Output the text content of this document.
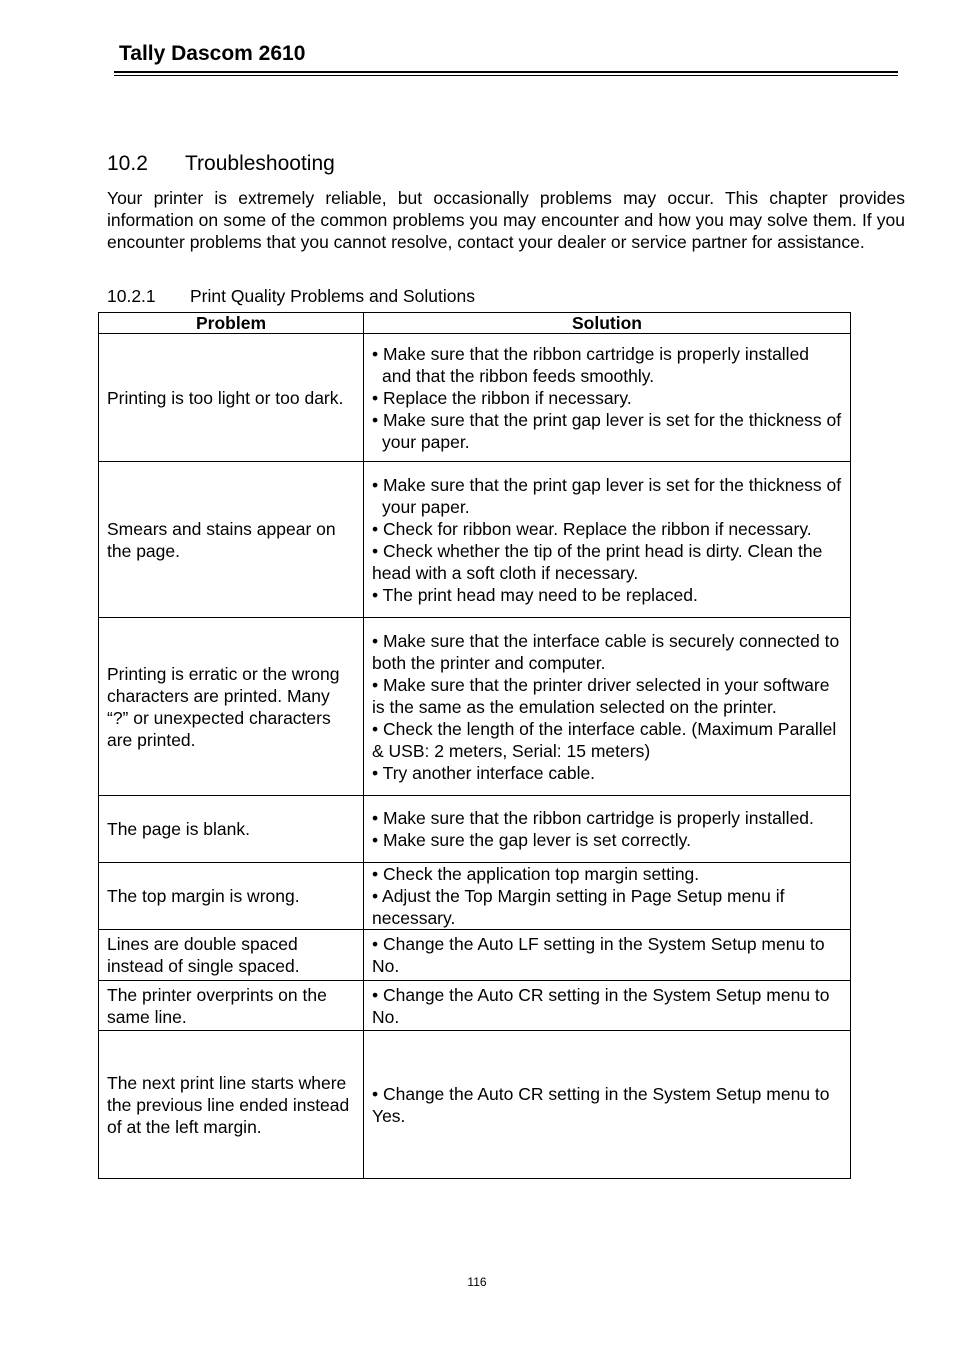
Tally Dascom 2610
10.2 Troubleshooting

Your printer is extremely reliable, but occasionally problems may occur. This chapter provides information on some of the common problems you may encounter and how you may solve them. If you encounter problems that you cannot resolve, contact your dealer or service partner for assistance.

10.2.1 Print Quality Problems and Solutions
Problem	Solution
Printing is too light or too dark.	• Make sure that the ribbon cartridge is properly installed and that the ribbon feeds smoothly.
• Replace the ribbon if necessary.
• Make sure that the print gap lever is set for the thickness of your paper.

Smears and stains appear on the page.	• Make sure that the print gap lever is set for the thickness of your paper.
• Check for ribbon wear. Replace the ribbon if necessary.
• Check whether the tip of the print head is dirty. Clean the head with a soft cloth if necessary.
• The print head may need to be replaced.

Printing is erratic or the wrong characters are printed. Many “?” or unexpected characters are printed.	• Make sure that the interface cable is securely connected to both the printer and computer.
• Make sure that the printer driver selected in your software is the same as the emulation selected on the printer.
• Check the length of the interface cable. (Maximum Parallel & USB: 2 meters, Serial: 15 meters)
• Try another interface cable.

The page is blank.	• Make sure that the ribbon cartridge is properly installed.
• Make sure the gap lever is set correctly.

The top margin is wrong.	• Check the application top margin setting.
• Adjust the Top Margin setting in Page Setup menu if necessary.

Lines are double spaced instead of single spaced.	• Change the Auto LF setting in the System Setup menu to No.

The printer overprints on the same line.	• Change the Auto CR setting in the System Setup menu to No.

The next print line starts where the previous line ended instead of at the left margin.	• Change the Auto CR setting in the System Setup menu to Yes.
116
